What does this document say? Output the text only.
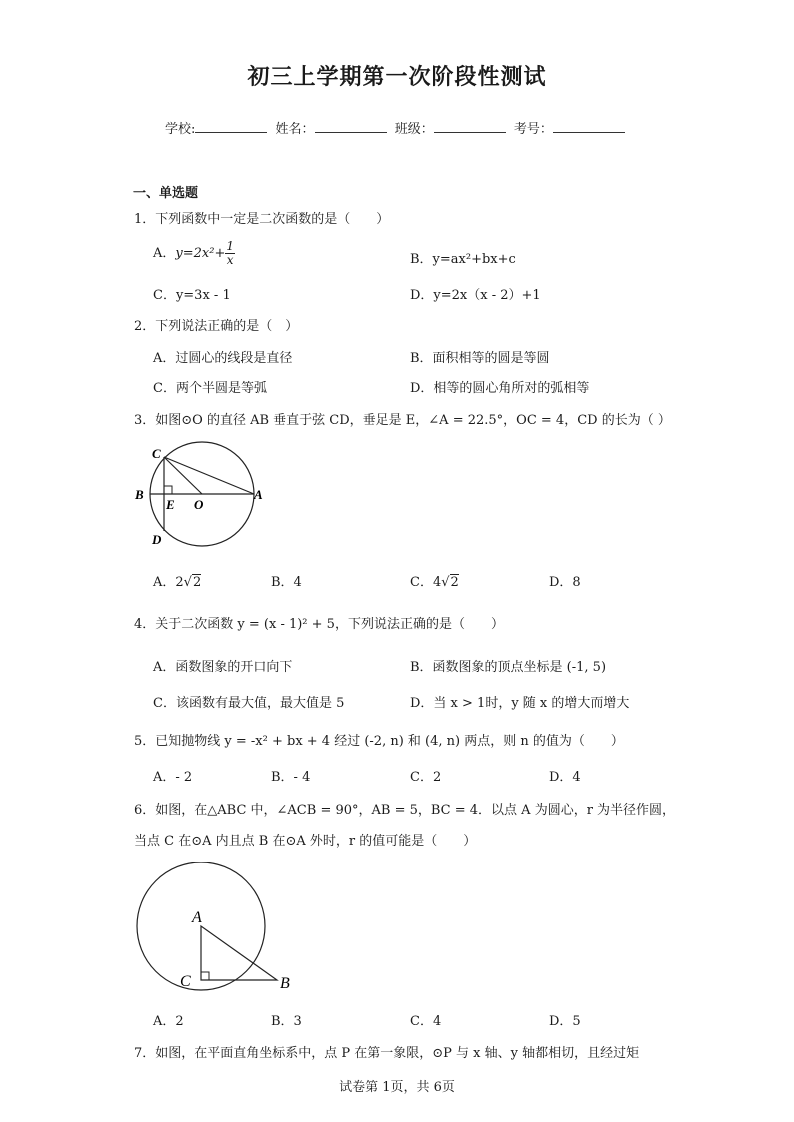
初三上学期第一次阶段性测试
学校:	姓名：	班级：	考号：
一、单选题
1．下列函数中一定是二次函数的是（　　）
A．$y=2x^2+ \frac{1}{x}$	B．y=ax²+bx+c
C．y=3x - 1	D．y=2x（x - 2）+1
2．下列说法正确的是（　）
A．过圆心的线段是直径	B．面积相等的圆是等圆
C．两个半圆是等弧	D．相等的圆心角所对的弧相等
3．如图⊙O 的直径 AB 垂直于弦 CD，垂足是 E，∠A = 22.5°，OC = 4，CD 的长为（ ）
C
B
E O
A
D
A．2√2	B．4	C．4√2	D．8
4．关于二次函数 y = (x - 1)² + 5，下列说法正确的是（　　）
A．函数图象的开口向下	B．函数图象的顶点坐标是 (-1, 5)
C．该函数有最大值，最大值是 5	D．当 x > 1时，y 随 x 的增大而增大
5．已知抛物线 y = -x² + bx + 4 经过 (-2, n) 和 (4, n) 两点，则 n 的值为（　　）
A．- 2	B．- 4	C．2	D．4
6．如图，在△ABC 中，∠ACB = 90°，AB = 5，BC = 4．以点 A 为圆心，r 为半径作圆，
当点 C 在⊙A 内且点 B 在⊙A 外时，r 的值可能是（　　）
A
C	B
A．2	B．3	C．4	D．5
7．如图，在平面直角坐标系中，点 P 在第一象限，⊙P 与 x 轴、y 轴都相切，且经过矩
试卷第 1页，共 6页
